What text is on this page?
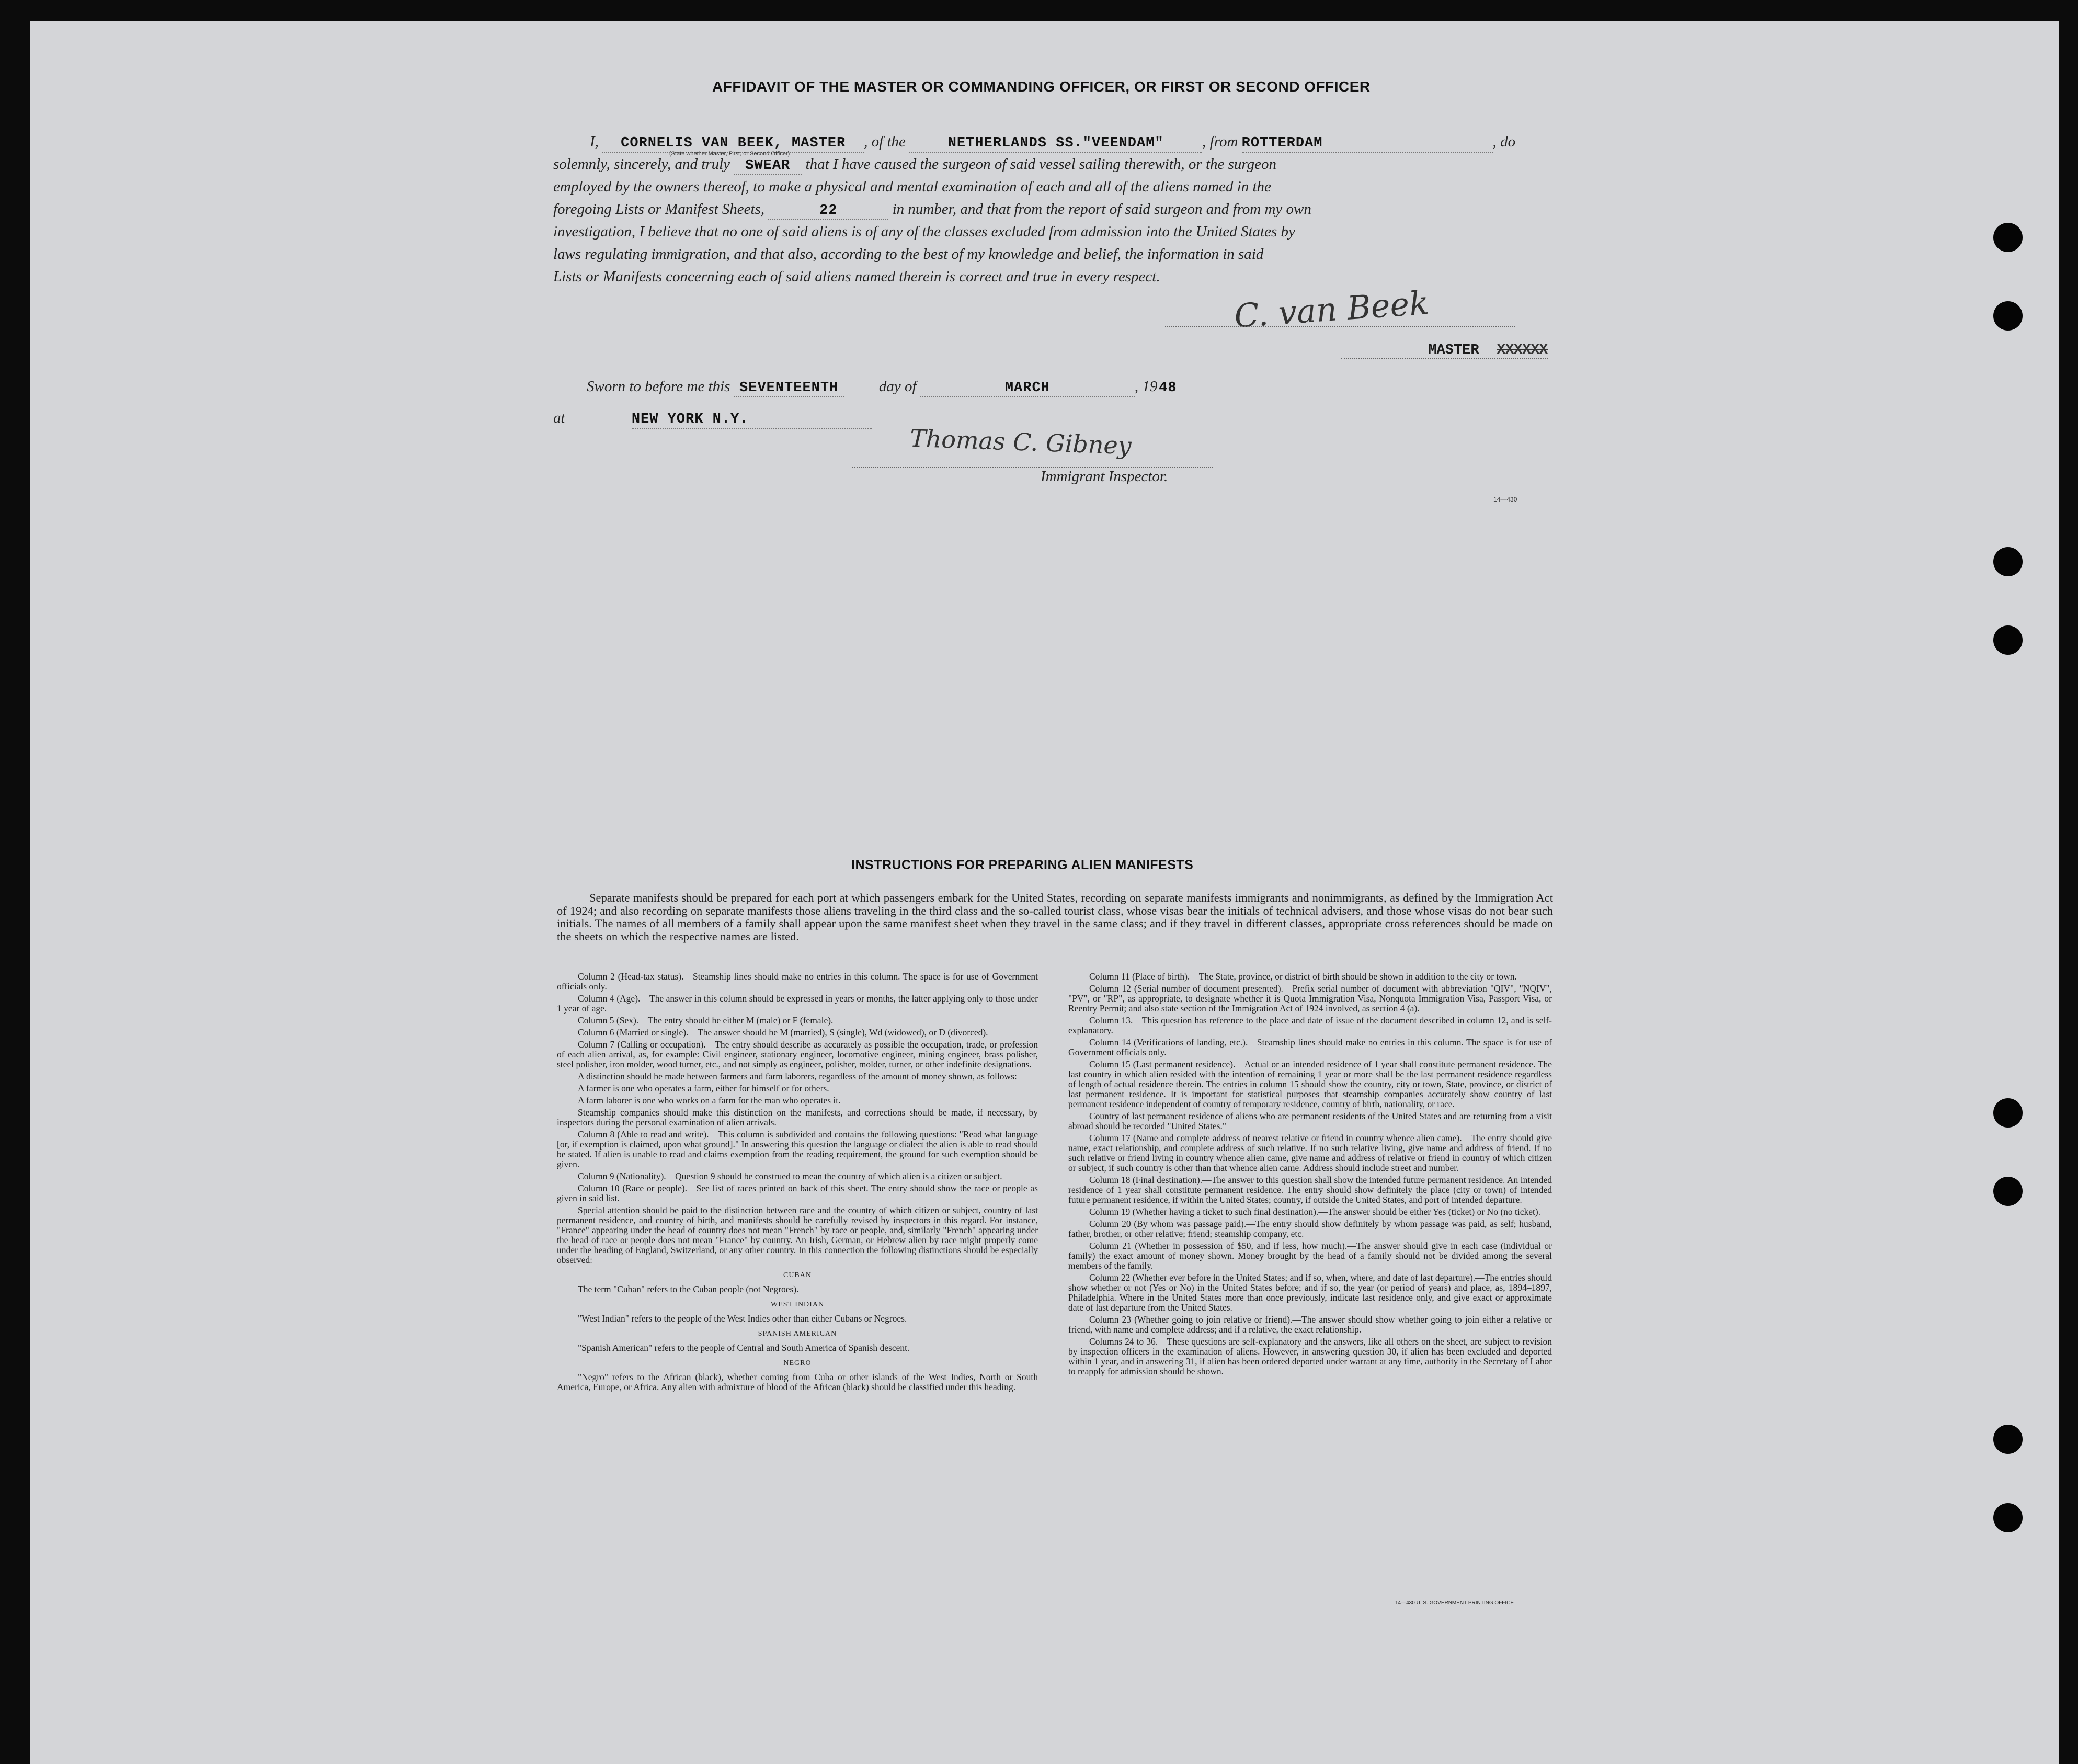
AFFIDAVIT OF THE MASTER OR COMMANDING OFFICER, OR FIRST OR SECOND OFFICER

I, CORNELIS VAN BEEK, MASTER , of the	NETHERLANDS SS."VEENDAM"	, from ROTTERDAM	, do

solemnly, sincerely, and truly SWEAR that I have caused the surgeon of said vessel sailing therewith, or the surgeon

employed by the owners thereof, to make a physical and mental examination of each and all of the aliens named in the

foregoing Lists or Manifest Sheets,	22	in number, and that from the report of said surgeon and from my own

investigation, I believe that no one of said aliens is of any of the classes excluded from admission into the United States by

laws regulating immigration, and that also, according to the best of my knowledge and belief, the information in said

Lists or Manifests concerning each of said aliens named therein is correct and true in every respect.

(State whether Master, First, or Second Officer)
C. van Beek
MASTER XXXXXX

Sworn to before me this SEVENTEENTH	day of	MARCH	, 19 48

at	NEW YORK N.Y.

Thomas C. Gibney
Immigrant Inspector.
14—430
INSTRUCTIONS FOR PREPARING ALIEN MANIFESTS

Separate manifests should be prepared for each port at which passengers embark for the United States, recording on separate manifests immigrants and nonimmigrants, as defined by the Immigration Act of 1924; and also recording on separate manifests those aliens traveling in the third class and the so-called tourist class, whose visas bear the initials of technical advisers, and those whose visas do not bear such initials. The names of all members of a family shall appear upon the same manifest sheet when they travel in the same class; and if they travel in different classes, appropriate cross references should be made on the sheets on which the respective names are listed.

Column 2 (Head-tax status).—Steamship lines should make no entries in this column. The space is for use of Government officials only.

Column 4 (Age).—The answer in this column should be expressed in years or months, the latter applying only to those under 1 year of age.

Column 5 (Sex).—The entry should be either M (male) or F (female).

Column 6 (Married or single).—The answer should be M (married), S (single), Wd (widowed), or D (divorced).

Column 7 (Calling or occupation).—The entry should describe as accurately as possible the occupation, trade, or profession of each alien arrival, as, for example: Civil engineer, stationary engineer, locomotive engineer, mining engineer, brass polisher, steel polisher, iron molder, wood turner, etc., and not simply as engineer, polisher, molder, turner, or other indefinite designations.

A distinction should be made between farmers and farm laborers, regardless of the amount of money shown, as follows:

A farmer is one who operates a farm, either for himself or for others.

A farm laborer is one who works on a farm for the man who operates it.

Steamship companies should make this distinction on the manifests, and corrections should be made, if necessary, by inspectors during the personal examination of alien arrivals.

Column 8 (Able to read and write).—This column is subdivided and contains the following questions: "Read what language [or, if exemption is claimed, upon what ground]." In answering this question the language or dialect the alien is able to read should be stated. If alien is unable to read and claims exemption from the reading requirement, the ground for such exemption should be given.

Column 9 (Nationality).—Question 9 should be construed to mean the country of which alien is a citizen or subject.

Column 10 (Race or people).—See list of races printed on back of this sheet. The entry should show the race or people as given in said list.

Special attention should be paid to the distinction between race and the country of which citizen or subject, country of last permanent residence, and country of birth, and manifests should be carefully revised by inspectors in this regard. For instance, "France" appearing under the head of country does not mean "French" by race or people, and, similarly "French" appearing under the head of race or people does not mean "France" by country. An Irish, German, or Hebrew alien by race might properly come under the heading of England, Switzerland, or any other country. In this connection the following distinctions should be especially observed:

CUBAN

The term "Cuban" refers to the Cuban people (not Negroes).

WEST INDIAN

"West Indian" refers to the people of the West Indies other than either Cubans or Negroes.

SPANISH AMERICAN

"Spanish American" refers to the people of Central and South America of Spanish descent.

NEGRO

"Negro" refers to the African (black), whether coming from Cuba or other islands of the West Indies, North or South America, Europe, or Africa. Any alien with admixture of blood of the African (black) should be classified under this heading.

Column 11 (Place of birth).—The State, province, or district of birth should be shown in addition to the city or town.

Column 12 (Serial number of document presented).—Prefix serial number of document with abbreviation "QIV", "NQIV", "PV", or "RP", as appropriate, to designate whether it is Quota Immigration Visa, Nonquota Immigration Visa, Passport Visa, or Reentry Permit; and also state section of the Immigration Act of 1924 involved, as section 4 (a).

Column 13.—This question has reference to the place and date of issue of the document described in column 12, and is self-explanatory.

Column 14 (Verifications of landing, etc.).—Steamship lines should make no entries in this column. The space is for use of Government officials only.

Column 15 (Last permanent residence).—Actual or an intended residence of 1 year shall constitute permanent residence. The last country in which alien resided with the intention of remaining 1 year or more shall be the last permanent residence regardless of length of actual residence therein. The entries in column 15 should show the country, city or town, State, province, or district of last permanent residence. It is important for statistical purposes that steamship companies accurately show country of last permanent residence independent of country of temporary residence, country of birth, nationality, or race.

Country of last permanent residence of aliens who are permanent residents of the United States and are returning from a visit abroad should be recorded "United States."

Column 17 (Name and complete address of nearest relative or friend in country whence alien came).—The entry should give name, exact relationship, and complete address of such relative. If no such relative living, give name and address of friend. If no such relative or friend living in country whence alien came, give name and address of relative or friend in country of which citizen or subject, if such country is other than that whence alien came. Address should include street and number.

Column 18 (Final destination).—The answer to this question shall show the intended future permanent residence. An intended residence of 1 year shall constitute permanent residence. The entry should show definitely the place (city or town) of intended future permanent residence, if within the United States; country, if outside the United States, and port of intended departure.

Column 19 (Whether having a ticket to such final destination).—The answer should be either Yes (ticket) or No (no ticket).

Column 20 (By whom was passage paid).—The entry should show definitely by whom passage was paid, as self; husband, father, brother, or other relative; friend; steamship company, etc.

Column 21 (Whether in possession of $50, and if less, how much).—The answer should give in each case (individual or family) the exact amount of money shown. Money brought by the head of a family should not be divided among the several members of the family.

Column 22 (Whether ever before in the United States; and if so, when, where, and date of last departure).—The entries should show whether or not (Yes or No) in the United States before; and if so, the year (or period of years) and place, as, 1894–1897, Philadelphia. Where in the United States more than once previously, indicate last residence only, and give exact or approximate date of last departure from the United States.

Column 23 (Whether going to join relative or friend).—The answer should show whether going to join either a relative or friend, with name and complete address; and if a relative, the exact relationship.

Columns 24 to 36.—These questions are self-explanatory and the answers, like all others on the sheet, are subject to revision by inspection officers in the examination of aliens. However, in answering question 30, if alien has been excluded and deported within 1 year, and in answering 31, if alien has been ordered deported under warrant at any time, authority in the Secretary of Labor to reapply for admission should be shown.

14—430 U. S. GOVERNMENT PRINTING OFFICE
